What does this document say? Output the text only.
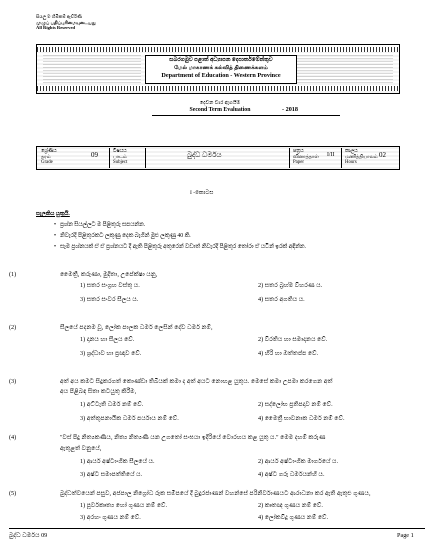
සියලු ම හිමිකම් ඇව්රිණි
முழுப் பதிப்புரிமையுடையது
All Rights Reserved
සබරගමුව පළාත් අධ්‍යාපන දෙපාර්තමේන්තුව
மேல் மாகாணக் கல்வித் திணைக்களம்
Department of Education - Western Province
දෙවන වාර ඇගයීම
Second Term Evaluation	- 2018
ශ්‍රේණිය
தரம்
Grade
09	විෂයය
பாடம்
Subject
බුද්ධ ධර්මය	පත්‍රය
வினாத்தாள்
Paper
I/II
කාලය
மணித்தியாலம்
Hours
02
I -කොටස
සැලකිය යුතුයි.
• ප්‍රශ්න සියල්ලට ම පිළිතුරු සපයන්න.
• නිවැරදි පිළිතුරකට ලකුණු දෙක බැගින් මුළු ලකුණු 40 කි.
• සෑම ප්‍රශ්නයක් ඒ ඒ ප්‍රශ්නයට දී ඇති පිළිතුරු අතුරෙන් වඩාත් නිවැරදි පිළිතුර තෝරා ඒ යටින් ඉරක් අඳින්න.
(1)	මෛත්‍රී, කරුණා, මුදිතා, උපේක්ෂා යනු,
1) සතර සංග්‍රහ වස්තු ය.	2) සතර බ්‍රහ්ම විහරණ ය.
3) සතර සංවර සීලය ය.	4) සතර අගතිය ය.
(2)	සීලයේ පදනම වූ, ලෝක පාලක ධර්ම ලෙසින් දේව ධර්ම නම්,
1) දානය හා සීලය වේ.	2) විරතිය හා සමාදානය වේ.
3) ශ්‍රද්ධාව හා ප්‍රඥාව වේ.	4) හිරි හා ඔත්තප්ප වේ.
(3)	අත් අය කමට සිදුකරගත් කොණ්ඩා තිබියක් කමා ද අත් අයට නොහළ යුතුය. මෙසේ කමා උපමා කරගෙන අත්
අය පිළිබඳ සිතා කටයුතු කිරීම,
1) අට්ටැති ධර්ම නම් වේ.	2) සද්ලෝභ ප්‍රතිපදාව නම් වේ.
3) අත්තූපනායික ධර්ම පර්යාය නම් වේ.	4) මෛත්‍රී භාවනාක ධර්ම නම් වේ.
(4)	"වස් පිදු නිත්‍යකණිය, නිත්‍ය නිත්‍යණි යන උගතෝ සංඝයා ඉදිරියේ වොරහය කළ යුතු ය." මෙම දහම් කරුණ
ඇතුළත් වනුයේ,
1) ආර්ය අෂ්ටාංගික සීලයේ ය.	2) ආර්ය අෂ්ටාංගික මාර්ගයේ ය.
3) අෂ්ට සමාපත්තියේ ය.	4) අෂ්ට ගරු ධර්මයන්හි ය.
(5)	බුද්ධත්වයෙන් පසුව, අජපාල නිග්‍රෝධ රුක සමීපයේ දී බුදුරජාණන් වහන්සේ පරිනිර්වාණයට ආරාධනා කර ඇති ඇතුළු ගුණය,
1) පූර්වකෘත්‍ය හෝ ගුණය නම් වේ.	2) කෘතඥ ගුණය නම් වේ.
3) අරහං ගුණය නම් වේ.	4) ලෝකවිදූ ගුණය නම් වේ.
බුද්ධ ධර්මය 09	Page 1
